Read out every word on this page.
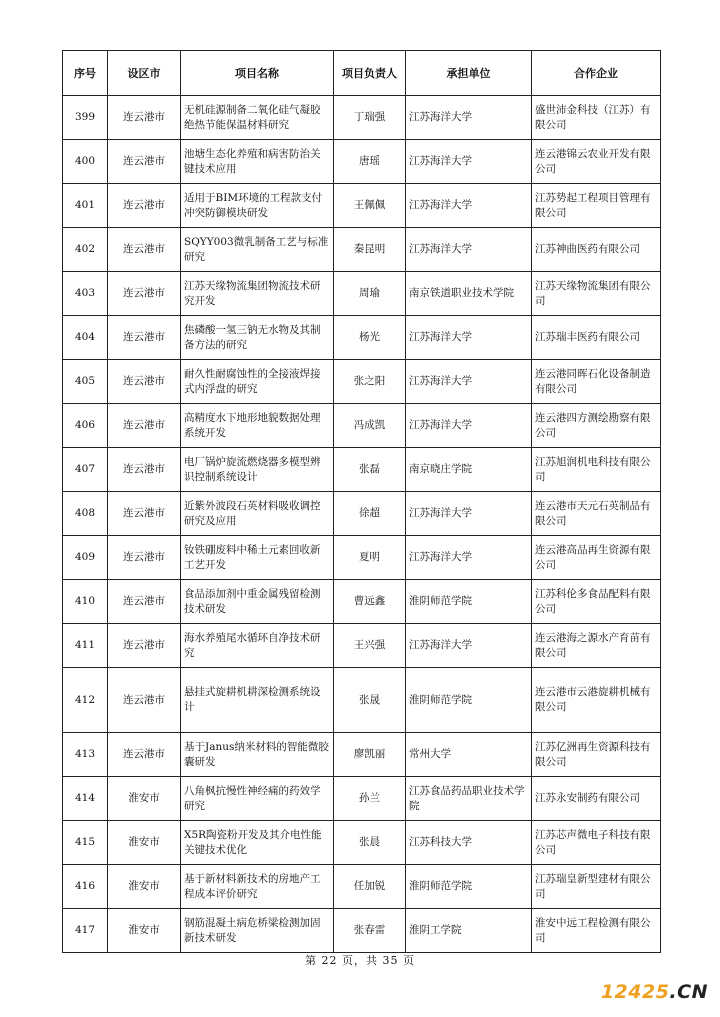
序号	设区市	项目名称	项目负责人	承担单位	合作企业
399	连云港市	无机硅源制备二氧化硅气凝胶绝热节能保温材料研究	丁瑞强	江苏海洋大学	盛世沛金科技（江苏）有限公司
400	连云港市	池塘生态化养殖和病害防治关键技术应用	唐瑶	江苏海洋大学	连云港锦云农业开发有限公司
401	连云港市	适用于BIM环境的工程款支付冲突防御模块研发	王佩佩	江苏海洋大学	江苏势起工程项目管理有限公司
402	连云港市	SQYY003微乳制备工艺与标准研究	秦昆明	江苏海洋大学	江苏神曲医药有限公司
403	连云港市	江苏天缘物流集团物流技术研究开发	周瑜	南京铁道职业技术学院	江苏天缘物流集团有限公司
404	连云港市	焦磷酸一氢三钠无水物及其制备方法的研究	杨光	江苏海洋大学	江苏瑞丰医药有限公司
405	连云港市	耐久性耐腐蚀性的全接液焊接式内浮盘的研究	张之阳	江苏海洋大学	连云港同晖石化设备制造有限公司
406	连云港市	高精度水下地形地貌数据处理系统开发	冯成凯	江苏海洋大学	连云港四方测绘勘察有限公司
407	连云港市	电厂锅炉旋流燃烧器多模型辨识控制系统设计	张磊	南京晓庄学院	江苏旭润机电科技有限公司
408	连云港市	近紫外波段石英材料吸收调控研究及应用	徐超	江苏海洋大学	连云港市天元石英制品有限公司
409	连云港市	钕铁硼废料中稀土元素回收新工艺开发	夏明	江苏海洋大学	连云港高品再生资源有限公司
410	连云港市	食品添加剂中重金属残留检测技术研发	曹远鑫	淮阴师范学院	江苏科伦多食品配料有限公司
411	连云港市	海水养殖尾水循环自净技术研究	王兴强	江苏海洋大学	连云港海之源水产育苗有限公司
412	连云港市	悬挂式旋耕机耕深检测系统设计	张晟	淮阴师范学院	连云港市云港旋耕机械有限公司
413	连云港市	基于Janus纳米材料的智能微胶囊研发	廖凯丽	常州大学	江苏亿洲再生资源科技有限公司
414	淮安市	八角枫抗慢性神经痛的药效学研究	孙兰	江苏食品药品职业技术学院	江苏永安制药有限公司
415	淮安市	X5R陶瓷粉开发及其介电性能关键技术优化	张晨	江苏科技大学	江苏芯声微电子科技有限公司
416	淮安市	基于新材料新技术的房地产工程成本评价研究	任加锐	淮阴师范学院	江苏瑞皇新型建材有限公司
417	淮安市	钢筋混凝土病危桥梁检测加固新技术研发	张春雷	淮阴工学院	淮安中远工程检测有限公司
第 22 页，共 35 页
12425.CN
